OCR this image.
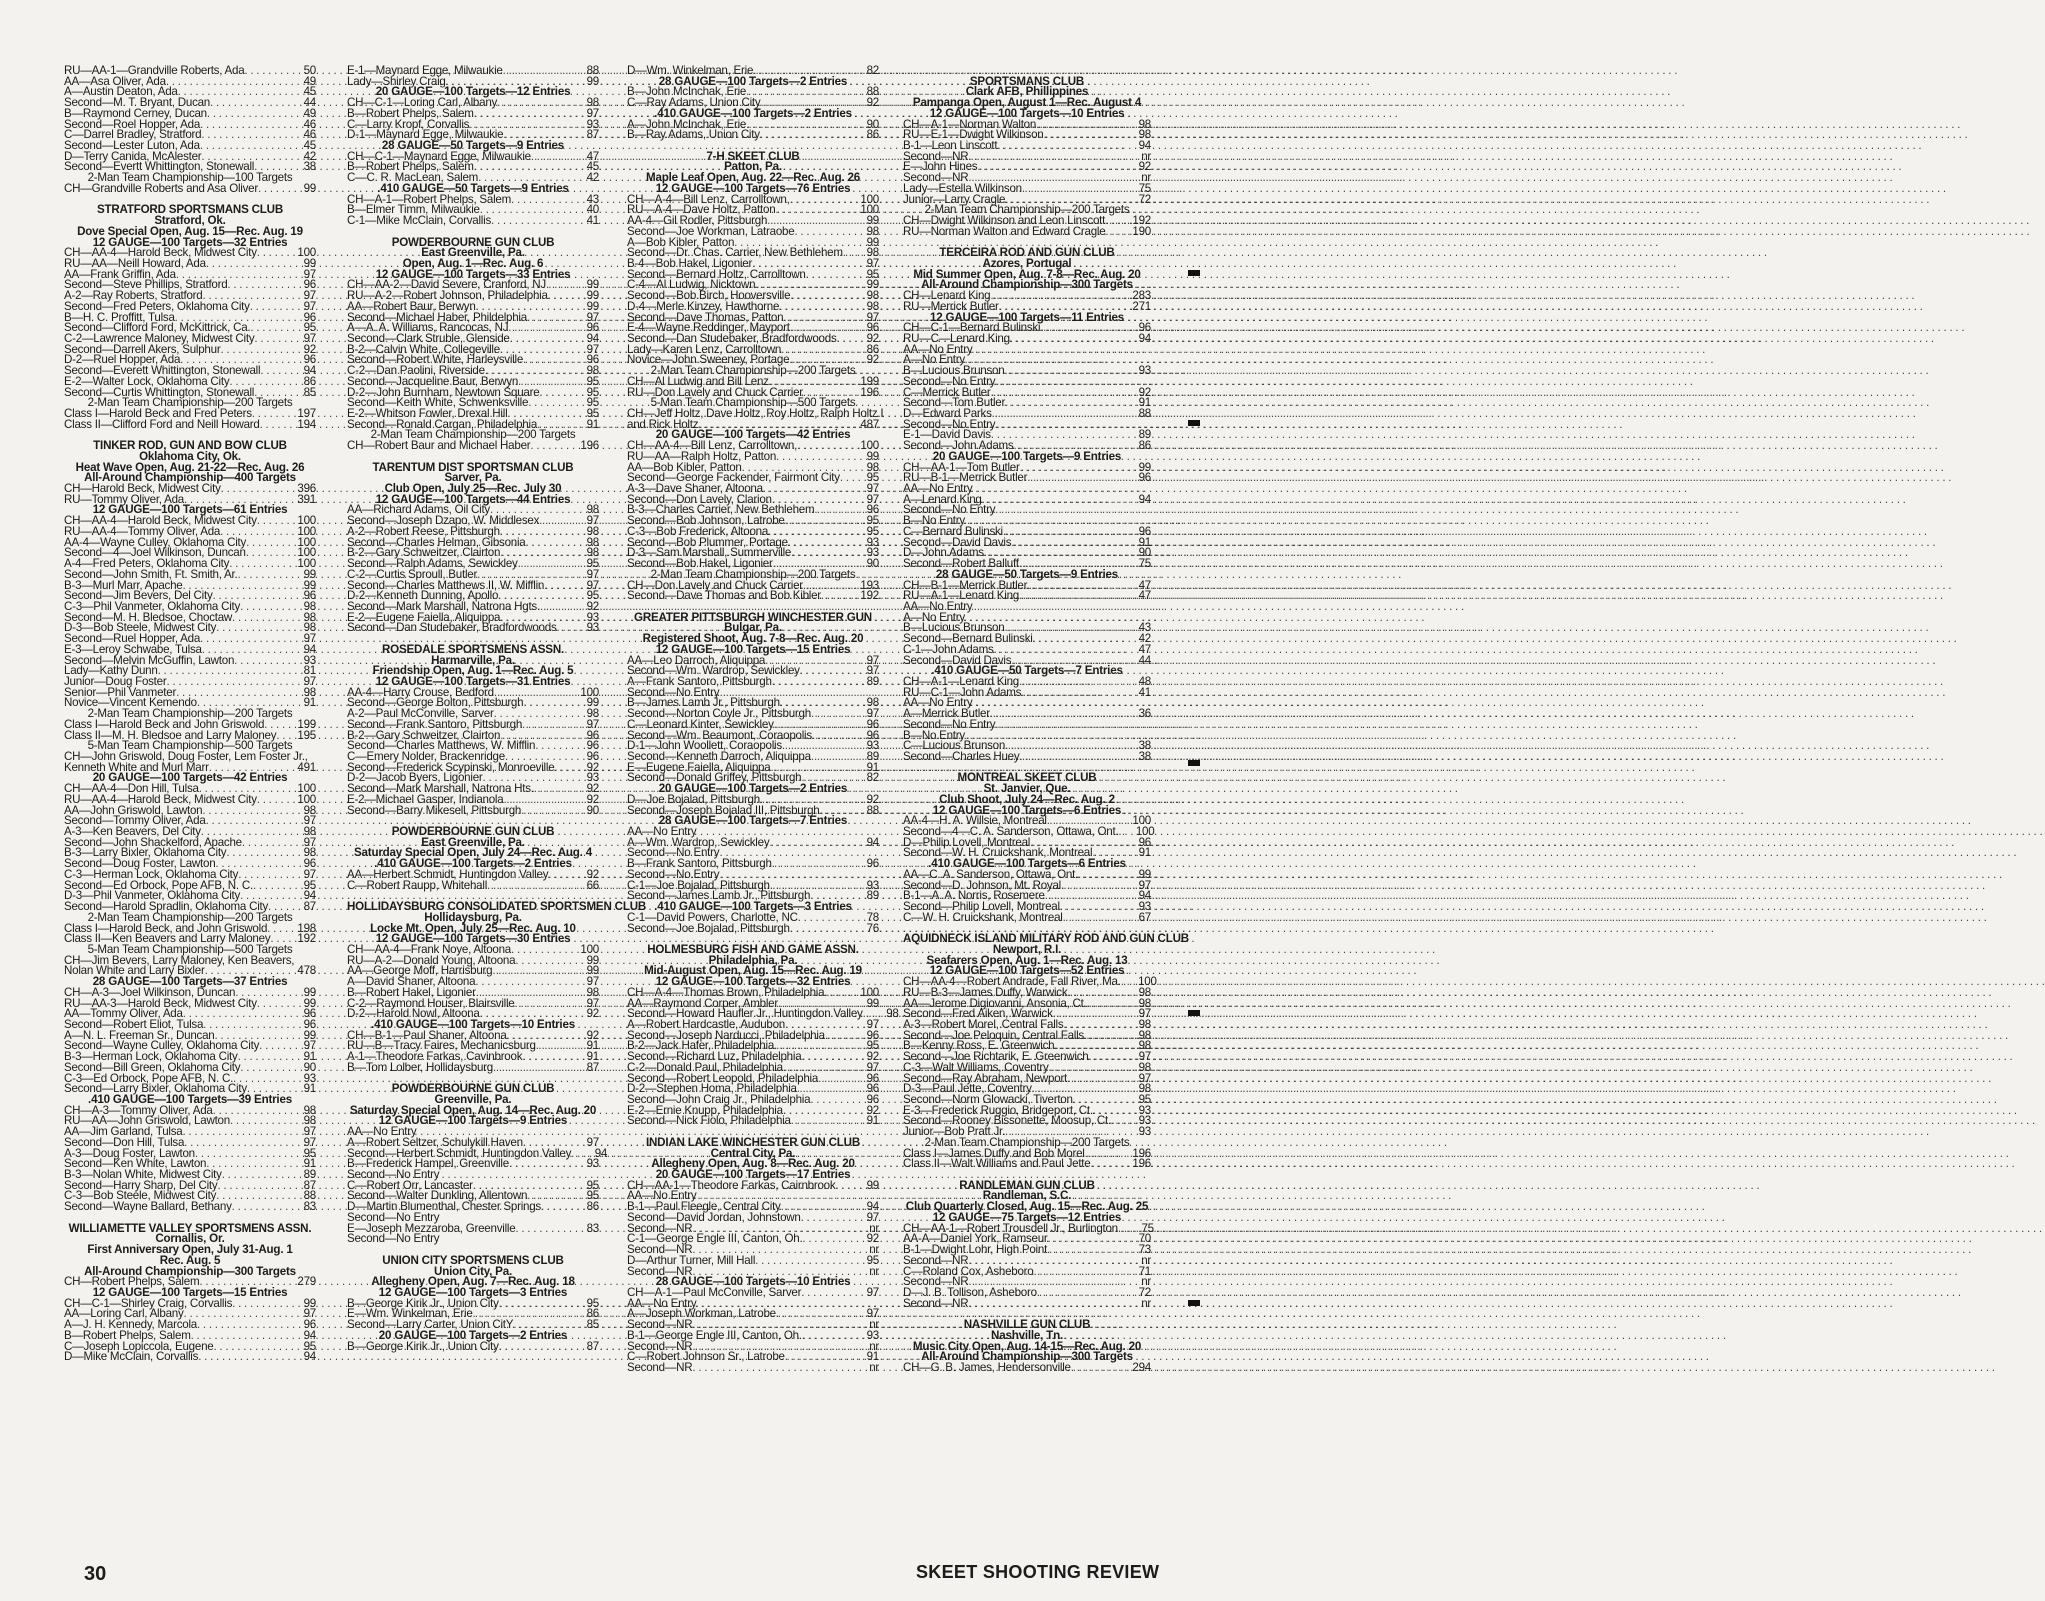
RU—AA-1—Grandville Roberts, Ada . . .	50
AA—Asa Oliver, Ada . . .	49
A—Austin Deaton, Ada . . .	45
Second—M. T. Bryant, Ducan . . .	44
B—Raymond Cerney, Ducan . . .	49
Second—Roel Hopper, Ada . . .	46
C—Darrel Bradley, Stratford . . .	46
Second—Lester Luton, Ada . . .	45
D—Terry Canida, McAlester . . .	42
Second—Evertt Whittington, Stonewall . . .	38
2-Man Team Championship—100 Targets
CH—Grandville Roberts and Asa Oliver . . .	99
STRATFORD SPORTSMANS CLUB
Stratford, Ok.
Dove Special Open, Aug. 15—Rec. Aug. 19
12 GAUGE—100 Targets—32 Entries
CH—AA-4—Harold Beck, Midwest City . . .	100
RU—AA—Neill Howard, Ada . . .	99
AA—Frank Griffin, Ada . . .	97
Second—Steve Phillips, Stratford . . .	96
A-2—Ray Roberts, Stratford . . .	97
Second—Fred Peters, Oklahoma City . . .	97
B—H. C. Proffitt, Tulsa . . .	96
Second—Clifford Ford, McKittrick, Ca. . . .	95
C-2—Lawrence Maloney, Midwest City . . .	97
Second—Darrell Akers, Sulphur . . .	92
D-2—Ruel Hopper, Ada . . .	96
Second—Everett Whittington, Stonewall . . .	94
E-2—Walter Lock, Oklahoma City . . .	86
Second—Curtis Whittington, Stonewall . . .	85
2-Man Team Championship—200 Targets
Class I—Harold Beck and Fred Peters . . .	197
Class II—Clifford Ford and Neill Howard . . .	194
TINKER ROD, GUN AND BOW CLUB
Oklahoma City, Ok.
Heat Wave Open, Aug. 21-22—Rec. Aug. 26
All-Around Championship—400 Targets
CH—Harold Beck, Midwest City . . .	396
RU—Tommy Oliver, Ada . . .	391
12 GAUGE—100 Targets—61 Entries
CH—AA-4—Harold Beck, Midwest City . . .	100
RU—AA-4—Tommy Oliver, Ada . . .	100
AA-4—Wayne Culley, Oklahoma City . . .	100
Second—4—Joel Wilkinson, Duncan . . .	100
A-4—Fred Peters, Oklahoma City . . .	100
Second—John Smith, Ft. Smith, Ar. . . .	99
B-3—Murl Marr, Apache . . .	99
Second—Jim Bevers, Del City . . .	96
C-3—Phil Vanmeter, Oklahoma City . . .	98
Second—M. H. Bledsoe, Choctaw . . .	98
D-3—Bob Steele, Midwest City . . .	98
Second—Ruel Hopper, Ada . . .	97
E-3—Leroy Schwabe, Tulsa . . .	94
Second—Melvin McGuffin, Lawton . . .	93
Lady—Kathy Dunn . . .	81
Junior—Doug Foster . . .	97
Senior—Phil Vanmeter . . .	98
Novice—Vincent Kemendo . . .	91
2-Man Team Championship—200 Targets
Class I—Harold Beck and John Griswold . . .	199
Class II—M. H. Bledsoe and Larry Maloney . . .	195
5-Man Team Championship—500 Targets
CH—John Griswold, Doug Foster, Lem Foster Jr.,
Kenneth White and Murl Marr . . .	491
20 GAUGE—100 Targets—42 Entries
CH—AA-4—Don Hill, Tulsa . . .	100
RU—AA-4—Harold Beck, Midwest City . . .	100
AA—John Griswold, Lawton . . .	98
Second—Tommy Oliver, Ada . . .	97
A-3—Ken Beavers, Del City . . .	98
Second—John Shackelford, Apache . . .	97
B-3—Larry Bixler, Oklahoma City . . .	98
Second—Doug Foster, Lawton . . .	96
C-3—Herman Lock, Oklahoma City . . .	97
Second—Ed Orbock, Pope AFB, N. C. . . .	95
D-3—Phil Vanmeter, Oklahoma City . . .	94
Second—Harold Spradlin, Oklahoma City . . .	87
2-Man Team Championship—200 Targets
Class I—Harold Beck, and John Griswold . . .	198
Class II—Ken Beavers and Larry Maloney . . .	192
5-Man Team Championship—500 Targets
CH—Jim Bevers, Larry Maloney, Ken Beavers,
Nolan White and Larry Bixler . . .	478
28 GAUGE—100 Targets—37 Entries
CH—A-3—Joel Wilkinson, Duncan . . .	99
RU—AA-3—Harold Beck, Midwest City . . .	99
AA—Tommy Oliver, Ada . . .	96
Second—Robert Eliot, Tulsa . . .	96
A—N. L. Freeman Sr., Duncan . . .	99
Second—Wayne Culley, Oklahoma City . . .	97
B-3—Herman Lock, Oklahoma City . . .	91
Second—Bill Green, Oklahoma City . . .	90
C-3—Ed Orbock, Pope AFB, N. C. . . .	93
Second—Larry Bixler, Oklahoma City . . .	91
.410 GAUGE—100 Targets—39 Entries
CH—A-3—Tommy Oliver, Ada . . .	98
RU—AA—John Griswold, Lawton . . .	98
AA—Jim Garland, Tulsa . . .	97
Second—Don Hill, Tulsa . . .	97
A-3—Doug Foster, Lawton . . .	95
Second—Ken White, Lawton . . .	91
B-3—Nolan White, Midwest City . . .	89
Second—Harry Sharp, Del City . . .	87
C-3—Bob Steele, Midwest City . . .	88
Second—Wayne Ballard, Bethany . . .	83
WILLIAMETTE VALLEY SPORTSMENS ASSN.
Cornallis, Or.
First Anniversary Open, July 31-Aug. 1
Rec. Aug. 5
All-Around Championship—300 Targets
CH—Robert Phelps, Salem . . .	279
12 GAUGE—100 Targets—15 Entries
CH—C-1—Shirley Craig, Corvallis . . .	99
AA—Loring Carl, Albany . . .	97
A—J. H. Kennedy, Marcola . . .	96
B—Robert Phelps, Salem . . .	94
C—Joseph Lopiccola, Eugene . . .	95
D—Mike McClain, Corvallis . . .	94
E-1—Maynard Egge, Milwaukie . . .	88
Lady—Shirley Craig . . .	99
20 GAUGE—100 Targets—12 Entries
CH—C-1—Loring Carl, Albany . . .	98
B—Robert Phelps, Salem . . .	97
C—Larry Kropf, Corvallis . . .	93
D-1—Maynard Egge, Milwaukie . . .	87
28 GAUGE—50 Targets—9 Entries
CH—C-1—Maynard Egge, Milwaukie . . .	47
B—Robert Phelps, Salem . . .	45
C—C. R. MacLean, Salem . . .	42
.410 GAUGE—50 Targets—9 Entries
CH—A-1—Robert Phelps, Salem . . .	43
B—Elmer Timm, Milwaukie . . .	40
C-1—Mike McClain, Corvallis . . .	41
POWDERBOURNE GUN CLUB
East Greenville, Pa.
Open, Aug. 1—Rec. Aug. 6
12 GAUGE—100 Targets—33 Entries
CH—AA-2—David Severe, Cranford, NJ . . .	99
RU—A-2—Robert Johnson, Philadelphia . . .	99
AA—Robert Baur, Berwyn . . .	99
Second—Michael Haber, Phildelphia . . .	97
A—A. A. Williams, Rancocas, NJ . . .	96
Second—Clark Struble, Glenside . . .	94
B-2—Calvin White, Collegeville . . .	97
Second—Robert White, Harleysville . . .	96
C-2—Dan Paolini, Riverside . . .	98
Second—Jacqueline Baur, Berwyn . . .	95
D-2—John Burnham, Newtown Square . . .	95
Second—Keith White, Schwenksville . . .	95
E-2—Whitson Fowler, Drexal Hill . . .	95
Second—Ronald Cargan, Philadelphia . . .	91
2-Man Team Championship—200 Targets
CH—Robert Baur and Michael Haber . . .	196
TARENTUM DIST SPORTSMAN CLUB
Sarver, Pa.
Club Open, July 25—Rec. July 30
12 GAUGE—100 Targets—44 Entries
AA—Richard Adams, Oil City . . .	98
Second—Joseph Dzapo, W. Middlesex . . .	97
A-2—Robert Reese, Pittsburgh . . .	98
Second—Charles Helman, Gibsonia . . .	98
B-2—Gary Schweitzer, Clairton . . .	98
Second—Ralph Adams, Sewickley . . .	95
C-2—Curtis Sproull, Butler . . .	97
Second—Charles Matthews II, W. Mifflin . . .	97
D-2—Kenneth Dunning, Apollo . . .	95
Second—Mark Marshall, Natrona Hgts. . . .	92
E-2—Eugene Faiella, Aliquippa . . .	93
Second—Dan Studebaker, Bradfordwoods . . .	93
ROSEDALE SPORTSMENS ASSN.
Harmarville, Pa.
Friendship Open, Aug. 1—Rec. Aug. 5
12 GAUGE—100 Targets—31 Entries
AA-4—Harry Crouse, Bedford . . .	100
Second—George Bolton, Pittsburgh . . .	99
A-2—Paul McConville, Sarver . . .	98
Second—Frank Santoro, Pittsburgh . . .	97
B-2—Gary Schweitzer, Clairton . . .	96
Second—Charles Matthews, W. Mifflin . . .	96
C—Emery Nolder, Brackenridge . . .	96
Second—Frederick Scypinski, Monroeville . . .	92
D-2—Jacob Byers, Ligonier . . .	93
Second—Mark Marshall, Natrona Hts. . . .	92
E-2—Michael Gasper, Indianola . . .	92
Second—Barry Mikesell, Pittsburgh . . .	90
POWDERBOURNE GUN CLUB
East Greenville, Pa.
Saturday Special Open, July 24—Rec. Aug. 4
.410 GAUGE—100 Targets—2 Entries
AA—Herbert Schmidt, Huntingdon Valley . . .	92
C—Robert Raupp, Whitehall . . .	66
HOLLIDAYSBURG CONSOLIDATED SPORTSMEN CLUB
Hollidaysburg, Pa.
Locke Mt. Open, July 25—Rec. Aug. 10
12 GAUGE—100 Targets—30 Entries
CH—AA-4—Frank Noye, Altoona . . .	100
RU—A-2—Donald Young, Altoona . . .	99
AA—George Moff, Harrisburg . . .	99
A—David Shaner, Altoona . . .	97
B—Robert Hakel, Ligonier . . .	98
C-2—Raymond Houser, Blairsville . . .	97
D-2—Harold Nowl, Altoona . . .	92
.410 GAUGE—100 Targets—10 Entries
CH—B-1—Paul Shaner, Altoona . . .	92
RU—B—Tracy Faires, Mechanicsburg . . .	91
A-1—Theodore Farkas, Cavinbrook . . .	91
B—Tom Lolber, Hollidaysburg . . .	87
POWDERBOURNE GUN CLUB
Greenville, Pa.
Saturday Special Open, Aug. 14—Rec. Aug. 20
12 GAUGE—100 Targets—9 Entries
AA—No Entry
A—Robert Seltzer, Schulykill Haven . . .	97
Second—Herbert Schmidt, Huntingdon Valley . . .	94
B—Frederick Hampel, Greenville . . .	93
Second—No Entry
C—Robert Orr, Lancaster . . .	95
Second—Walter Dunkling, Allentown . . .	95
D—Martin Blumenthal, Chester Springs . . .	86
Second—No Entry
E—Joseph Mezzaroba, Greenville . . .	83
Second—No Entry
UNION CITY SPORTSMENS CLUB
Union City, Pa.
Allegheny Open, Aug. 7—Rec. Aug. 18
12 GAUGE—100 Targets—3 Entries
B—George Kirik Jr., Union City . . .	95
E—Wm. Winkelman, Erie . . .	86
Second—Larry Carter, Union CitY . . .	85
20 GAUGE—100 Targets—2 Entries
B—George Kirik Jr., Union City . . .	87
D—Wm. Winkelman, Erie . . .	82
28 GAUGE—100 Targets—2 Entries
B—John McInchak, Erie . . .	88
C—Ray Adams, Union City . . .	92
.410 GAUGE—100 Targets—2 Entries
A—John McInchak, Erie . . .	90
B—Ray Adams, Union City . . .	86
7-H SKEET CLUB
Patton, Pa.
Maple Leaf Open, Aug. 22—Rec. Aug. 26
12 GAUGE—100 Targets—76 Entries
CH—A-4—Bill Lenz, Carrolltown, . . .	100
RU—A-4—Dave Holtz, Patton . . .	100
AA-4—Gil Rodler, Pittsburgh . . .	99
Second—Joe Workman, Latraobe . . .	98
A—Bob Kibler, Patton . . .	99
Second—Dr. Chas. Carrier, New Bethlehem . . .	98
B-4—Bob Hakel, Ligonier . . .	97
Second—Bernard Holtz, Carrolltown . . .	95
C-4—Al Ludwig, Nicktown . . .	99
Second—Bob Birch, Hooversville . . .	98
D-4—Merle Kinzey, Hawthorne . . .	98
Second—Dave Thomas, Patton . . .	97
E-4—Wayne Reddinger, Mayport . . .	96
Second—Dan Studebaker, Bradfordwoods . . .	92
Lady—Karen Lenz, Carrolltown . . .	86
Novice—John Sweeney, Portage . . .	92
2-Man Team Championship—200 Targets
CH—Al Ludwig and Bill Lenz . . .	199
RU—Don Lavely and Chuck Carrier . . .	196
5-Man Team Championship—500 Targets
CH—Jeff Holtz, Dave Holtz, Roy Holtz, Ralph Holtz.I
and Rick Holtz . . .	487
20 GAUGE—100 Targets—42 Entries
CH—AA-4—Bill Lenz, Carrolltown, . . .	100
RU—AA—Ralph Holtz, Patton . . .	99
AA—Bob Kibler, Patton . . .	98
Second—George Fackender, Fairmont City . . .	95
A-3—Dave Shaner, Altoona . . .	97
Second—Don Lavely, Clarion . . .	97
B-3—Charles Carrier, New Bethlehem . . .	96
Second—Bob Johnson, Latrobe . . .	95
C-3—Bob Frederick, Altoona . . .	95
Second—Bob Plummer, Portage . . .	93
D-3—Sam Marshall, Summerville . . .	93
Second—Bob Hakel, Ligonier . . .	90
2-Man Team Championship—200 Targets
CH—Don Lavely and Chuck Carrier . . .	193
Second—Dave Thomas and Bob Kibler . . .	192
GREATER PITTSBURGH WINCHESTER GUN
Bulgar, Pa.
Registered Shoot, Aug. 7-8—Rec. Aug. 20
12 GAUGE—100 Targets—15 Entries
AA—Leo Darroch, Aliquippa . . .	97
Second—Wm. Wardrop, Sewickley . . .	97
A—Frank Santoro, Pittsburgh . . .	89
Second—No Entry
B—James Lamb Jr., Pittsburgh . . .	98
Second—Norton Coyle Jr., Pittsburgh . . .	97
C—Leonard Kinter, Sewickley . . .	96
Second—Wm. Beaumont, Coraopolis . . .	96
D-1—John Woollett, Coraopolis . . .	93
Second—Kenneth Darroch, Aliquippa . . .	89
E—Eugene Faiella, Aliquippa . . .	91
Second—Donald Griffey, Pittsburgh . . .	82
20 GAUGE—100 Targets—2 Entries
D—Joe Bojalad, Pittsburgh . . .	92
Second—Joseph Bojalad III, Pittsburgh . . .	88
28 GAUGE—100 Targets—7 Entries
AA—No Entry
A—Wm. Wardrop, Sewickley . . .	94
Second—No Entry
B—Frank Santoro, Pittsburgh . . .	96
Second—No Entry
C-1—Joe Bojalad, Pittsburgh . . .	93
Second—James Lamb Jr., Pittsburgh . . .	89
.410 GAUGE—100 Targets—3 Entries
C-1—David Powers, Charlotte, NC . . .	78
Second—Joe Bojalad, Pittsburgh . . .	76
HOLMESBURG FISH AND GAME ASSN.
Philadelphia, Pa.
Mid-August Open, Aug. 15—Rec. Aug. 19
12 GAUGE—100 Targets—32 Entries
CH—A-4—Thomas Brown, Philadelphia . . .	100
AA—Raymond Corper, Ambler . . .	99
Second—Howard Haufler Jr., Huntingdon Valley . . .	98
A—Robert Hardcastle, Audubon . . .	97
Second—Joseph Narducci, Philadelphia . . .	96
B-2—Jack Hafer, Philadelphia . . .	95
Second—Richard Luz, Philadelphia . . .	92
C-2—Donald Paul, Philadelphia . . .	97
Second—Robert Leopold, Philadelphia . . .	96
D-2—Stephen Homa, Philadelphia . . .	96
Second—John Craig Jr., Philadelphia . . .	96
E-2—Ernie Knupp, Philadelphia . . .	92
Second—Nick Fiolo, Philadelphia . . .	91
INDIAN LAKE WINCHESTER GUN CLUB
Central City, Pa.
Allegheny Open, Aug. 8—Rec. Aug. 20
20 GAUGE—100 Targets—17 Entries
CH—AA-1—Theodore Farkas, Cairnbrook . . .	99
AA—No Entry
B-1—Paul Fleegle, Central City . . .	94
Second—David Jordan, Johnstown . . .	97
Second—NR . . .	nr
C-1—George Engle III, Canton, Oh. . . .	92
Second—NR . . .	nr
D—Arthur Turner, Mill Hall . . .	95
Second—NR . . .	nr
28 GAUGE—100 Targets—10 Entries
CH—A-1—Paul McConville, Sarver . . .	97
AA—No Entry
A—Joseph Workman, Latrobe . . .	97
Second—NR . . .	nr
B-1—George Engle III, Canton, Oh. . . .	93
Second—NR . . .	nr
C—Robert Johnson Sr., Latrobe . . .	91
Second—NR . . .	nr
SPORTSMANS CLUB
Clark AFB, Phillippines
Pampanga Open, August 1—Rec. August 4
12 GAUGE—100 Targets—10 Entries
CH—A-1—Norman Walton . . .	98
RU—E-1—Dwight Wilkinson . . .	98
B-1—Leon Linscott . . .	94
Second—NR . . .	nr
E—John Hines . . .	92
Second—NR . . .	nr
Lady—Estella Wilkinson . . .	75
Junior—Larry Cragle . . .	72
2-Man Team Championship—200 Targets
CH—Dwight Wilkinson and Leon Linscott . . .	192
RU—Norman Walton and Edward Cragle . . .	190
TERCEIRA ROD AND GUN CLUB
Azores, Portugal
Mid Summer Open, Aug. 7-8—Rec. Aug. 20
All-Around Championship—300 Targets
CH—Lenard King . . .	283
RU—Merrick Butler . . .	271
12 GAUGE—100 Targets—11 Entries
CH—C-1—Bernard Bulinski . . .	96
RU—C—Lenard King . . .	94
AA—No Entry
A—No Entry
B—Lucious Brunson . . .	93
Second—No Entry
C—Merrick Butler . . .	92
Second—Tom Butler . . .	91
D—Edward Parks . . .	88
Second—No Entry
E-1—David Davis . . .	89
Second—John Adams . . .	86
20 GAUGE—100 Targets—9 Entries
CH—AA-1—Tom Butler . . .	99
RU—B-1—Merrick Butler . . .	96
AA—No Entry
A—Lenard King . . .	94
Second—No Entry
B—No Entry
C—Bernard Bulinski . . .	96
Second—David Davis . . .	91
D—John Adams . . .	90
Second—Robert Balluff . . .	75
28 GAUGE—50 Targets—9 Entries
CH—B-1—Merrick Butler . . .	47
RU—A-1—Lenard King . . .	47
AA—No Entry
A—No Entry
B—Lucious Brunson . . .	43
Second—Bernard Bulinski . . .	42
C-1—John Adams . . .	47
Second—David Davis . . .	44
.410 GAUGE—50 Targets—7 Entries
CH—A-1—Lenard King . . .	48
RU—C-1—John Adams . . .	41
AA—No Entry
A—Merrick Butler . . .	36
Second—No Entry
B—No Entry
C—Lucious Brunson . . .	38
Second—Charles Huey . . .	38
MONTREAL SKEET CLUB
St. Janvier, Que.
Club Shoot, July 24—Rec. Aug. 2
12 GAUGE—100 Targets—6 Entries
AA-4—H. A. Willsie, Montreal . . .	100
Second—4—C. A. Sanderson, Ottawa, Ont. . . .	100
D—Philip Lovell, Montreal . . .	96
Second—W. H. Cruickshank, Montreal . . .	91
.410 GAUGE—100 Targets—6 Entries
AA—C. A. Sanderson, Ottawa, Ont. . . .	99
Second—D. Johnson, Mt. Royal . . .	97
B-1—A. A. Norris, Rosemere . . .	94
Second—Philip Lovell, Montreal . . .	93
C—W. H. Cruickshank, Montreal . . .	67
AQUIDNECK ISLAND MILITARY ROD AND GUN CLUB
Newport, R.I.
Seafarers Open, Aug. 1—Rec. Aug. 13
12 GAUGE—100 Targets—52 Entries
CH—AA-4—Robert Andrade, Fall River, Ma. . . .	100
RU—B-3—James Duffy, Warwick . . .	98
AA—Jerome Digiovanni, Ansonia, Ct. . . .	98
Second—Fred Aiken, Warwick . . .	97
A-3—Robert Morel, Central Falls . . .	98
Second—Joe Peloquin, Central Falls . . .	98
B—Kenny Ross, E. Greenwich . . .	98
Second—Joe Richtarik, E. Greenwich . . .	97
C-3—Walt Williams, Coventry . . .	98
Second—Ray Abraham, Newport . . .	97
D-3—Paul Jette, Coventry . . .	98
Second—Norm Glowacki, Tiverton . . .	95
E-3—Frederick Ruggio, Bridgeport, Ct. . . .	93
Second—Rooney Bissonette, Moosup, Ct. . . .	93
Junior—Bob Pratt Jr. . . .	93
2-Man Team Championship—200 Targets
Class I—James Duffy and Bob Morel . . .	196
Class II—Walt Williams and Paul Jette . . .	196
RANDLEMAN GUN CLUB
Randleman, S.C.
Club Quarterly Closed, Aug. 15—Rec. Aug. 25
12 GAUGE—75 Targets—12 Entries
CH—AA-1—Robert Trousdell Jr., Burlington . . .	75
AA-A—Daniel York, Ramseur . . .	70
B-1—Dwight Lohr, High Point . . .	73
Second—NR . . .	nr
C—Roland Cox, Asheboro . . .	71
Second—NR . . .	nr
D—J. B. Tollison, Asheboro . . .	72
Second—NR . . .	nr
NASHVILLE GUN CLUB
Nashville, Tn.
Music City Open, Aug. 14-15—Rec. Aug. 20
All-Around Championship—300 Targets
CH—G. B. James, Hendersonville . . .	294
30	SKEET SHOOTING REVIEW
